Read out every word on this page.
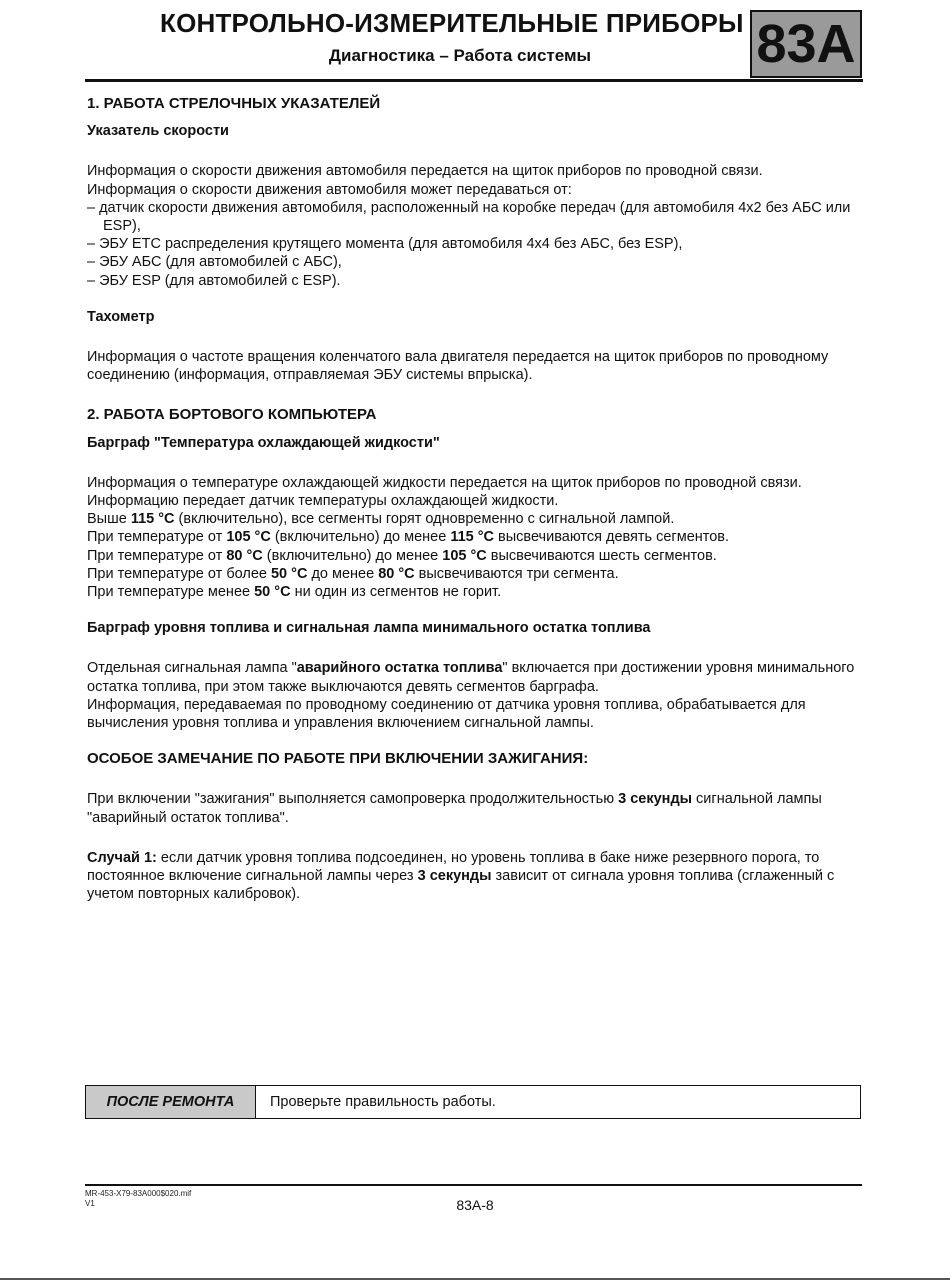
КОНТРОЛЬНО-ИЗМЕРИТЕЛЬНЫЕ ПРИБОРЫ
Диагностика – Работа системы	83A

1. РАБОТА СТРЕЛОЧНЫХ УКАЗАТЕЛЕЙ

Указатель скорости

Информация о скорости движения автомобиля передается на щиток приборов по проводной связи.

Информация о скорости движения автомобиля может передаваться от:

– датчик скорости движения автомобиля, расположенный на коробке передач (для автомобиля 4x2 без АБС или ESP),

– ЭБУ ЕТС распределения крутящего момента (для автомобиля 4x4 без АБС, без ESP),

– ЭБУ АБС (для автомобилей с АБС),

– ЭБУ ESP (для автомобилей с ESP).

Тахометр

Информация о частоте вращения коленчатого вала двигателя передается на щиток приборов по проводному соединению (информация, отправляемая ЭБУ системы впрыска).

2. РАБОТА БОРТОВОГО КОМПЬЮТЕРА

Барграф "Температура охлаждающей жидкости"

Информация о температуре охлаждающей жидкости передается на щиток приборов по проводной связи.

Информацию передает датчик температуры охлаждающей жидкости.

Выше 115 °C (включительно), все сегменты горят одновременно с сигнальной лампой.

При температуре от 105 °C (включительно) до менее 115 °C высвечиваются девять сегментов.

При температуре от 80 °C (включительно) до менее 105 °C высвечиваются шесть сегментов.

При температуре от более 50 °C до менее 80 °C высвечиваются три сегмента.

При температуре менее 50 °C ни один из сегментов не горит.

Барграф уровня топлива и сигнальная лампа минимального остатка топлива

Отдельная сигнальная лампа "аварийного остатка топлива" включается при достижении уровня минимального остатка топлива, при этом также выключаются девять сегментов барграфа.

Информация, передаваемая по проводному соединению от датчика уровня топлива, обрабатывается для вычисления уровня топлива и управления включением сигнальной лампы.

ОСОБОЕ ЗАМЕЧАНИЕ ПО РАБОТЕ ПРИ ВКЛЮЧЕНИИ ЗАЖИГАНИЯ:

При включении "зажигания" выполняется самопроверка продолжительностью 3 секунды сигнальной лампы "аварийный остаток топлива".

Случай 1: если датчик уровня топлива подсоединен, но уровень топлива в баке ниже резервного порога, то постоянное включение сигнальной лампы через 3 секунды зависит от сигнала уровня топлива (сглаженный с учетом повторных калибровок).

ПОСЛЕ РЕМОНТА	Проверьте правильность работы.
MR-453-X79-83A000$020.mif
V1	83A-8
